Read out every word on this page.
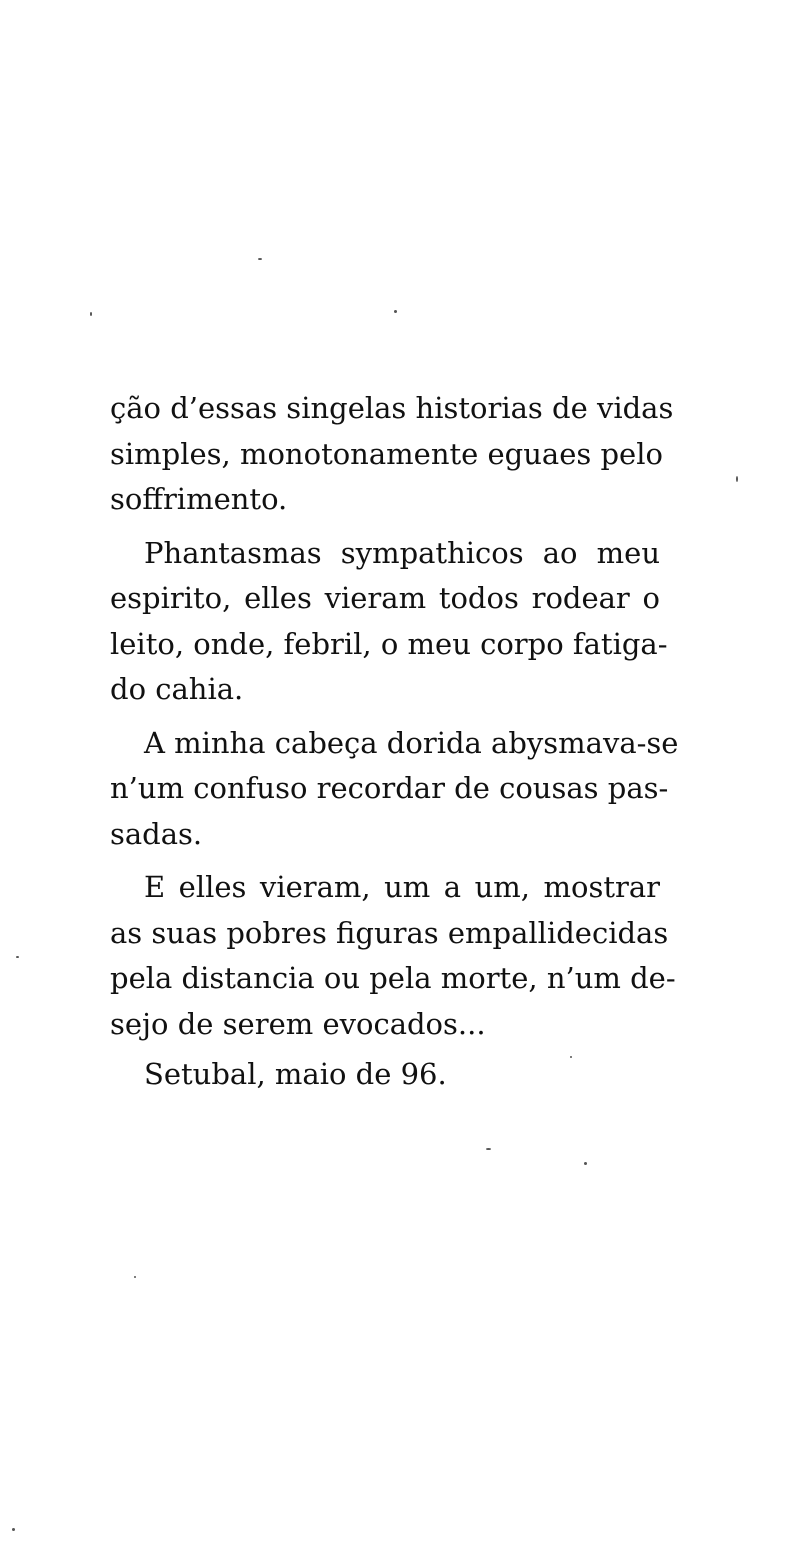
ção d’essas singelas historias de vidas
simples, monotonamente eguaes pelo
soffrimento.
Phantasmas sympathicos ao meu
espirito, elles vieram todos rodear o
leito, onde, febril, o meu corpo fatiga-
do cahia.
A minha cabeça dorida abysmava-se
n’um confuso recordar de cousas pas-
sadas.
E elles vieram, um a um, mostrar
as suas pobres figuras empallidecidas
pela distancia ou pela morte, n’um de-
sejo de serem evocados...
Setubal, maio de 96.
